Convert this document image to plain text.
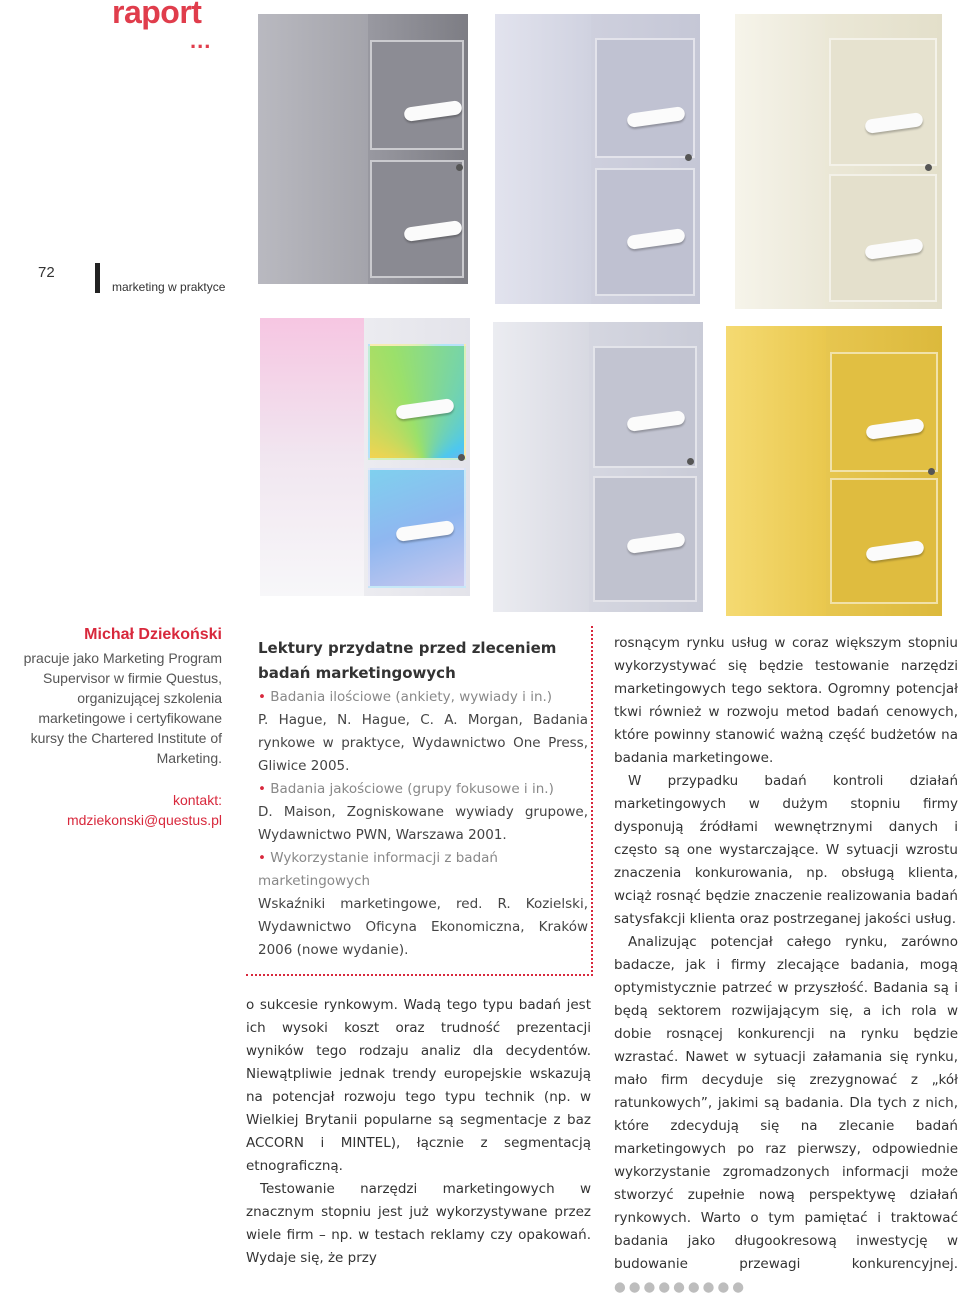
raport
...
72
marketing w praktyce
Michał Dziekoński
pracuje jako Marketing Program Supervisor w firmie Questus, organizującej szkolenia marketingowe i certyfikowane kursy the Chartered Institute of Marketing.
kontakt:
mdziekonski@questus.pl
Lektury przydatne przed zleceniem badań marketingowych
• Badania ilościowe (ankiety, wywiady i in.)
P. Hague, N. Hague, C. A. Morgan, Badania rynkowe w praktyce, Wydawnictwo One Press, Gliwice 2005.
• Badania jakościowe (grupy fokusowe i in.)
D. Maison, Zogniskowane wywiady grupowe, Wydawnictwo PWN, Warszawa 2001.
• Wykorzystanie informacji z badań marketingowych
Wskaźniki marketingowe, red. R. Kozielski, Wydawnictwo Oficyna Ekonomiczna, Kraków 2006 (nowe wydanie).

o sukcesie rynkowym. Wadą tego typu badań jest ich wysoki koszt oraz trudność prezentacji wyników tego rodzaju analiz dla decydentów. Niewątpliwie jednak trendy europejskie wskazują na potencjał rozwoju tego typu technik (np. w Wielkiej Brytanii popularne są segmentacje z baz ACCORN i MINTEL), łącznie z segmentacją etnograficzną.

Testowanie narzędzi marketingowych w znacznym stopniu jest już wykorzystywane przez wiele firm – np. w testach reklamy czy opakowań. Wydaje się, że przy

rosnącym rynku usług w coraz większym stopniu wykorzystywać się będzie testowanie narzędzi marketingowych tego sektora. Ogromny potencjał tkwi również w rozwoju metod badań cenowych, które powinny stanowić ważną część budżetów na badania marketingowe.

W przypadku badań kontroli działań marketingowych w dużym stopniu firmy dysponują źródłami wewnętrznymi danych i często są one wystarczające. W sytuacji wzrostu znaczenia konkurowania, np. obsługą klienta, wciąż rosnąć będzie znaczenie realizowania badań satysfakcji klienta oraz postrzeganej jakości usług.

Analizując potencjał całego rynku, zarówno badacze, jak i firmy zlecające badania, mogą optymistycznie patrzeć w przyszłość. Badania są i będą sektorem rozwijającym się, a ich rola w dobie rosnącej konkurencji na rynku będzie wzrastać. Nawet w sytuacji załamania się rynku, mało firm decyduje się zrezygnować z „kół ratunkowych”, jakimi są badania. Dla tych z nich, które zdecydują się na zlecanie badań marketingowych po raz pierwszy, odpowiednie wykorzystanie zgromadzonych informacji może stworzyć zupełnie nową perspektywę działań rynkowych. Warto o tym pamiętać i traktować badania jako długookresową inwestycję w budowanie przewagi konkurencyjnej. ●●●●●●●●●
